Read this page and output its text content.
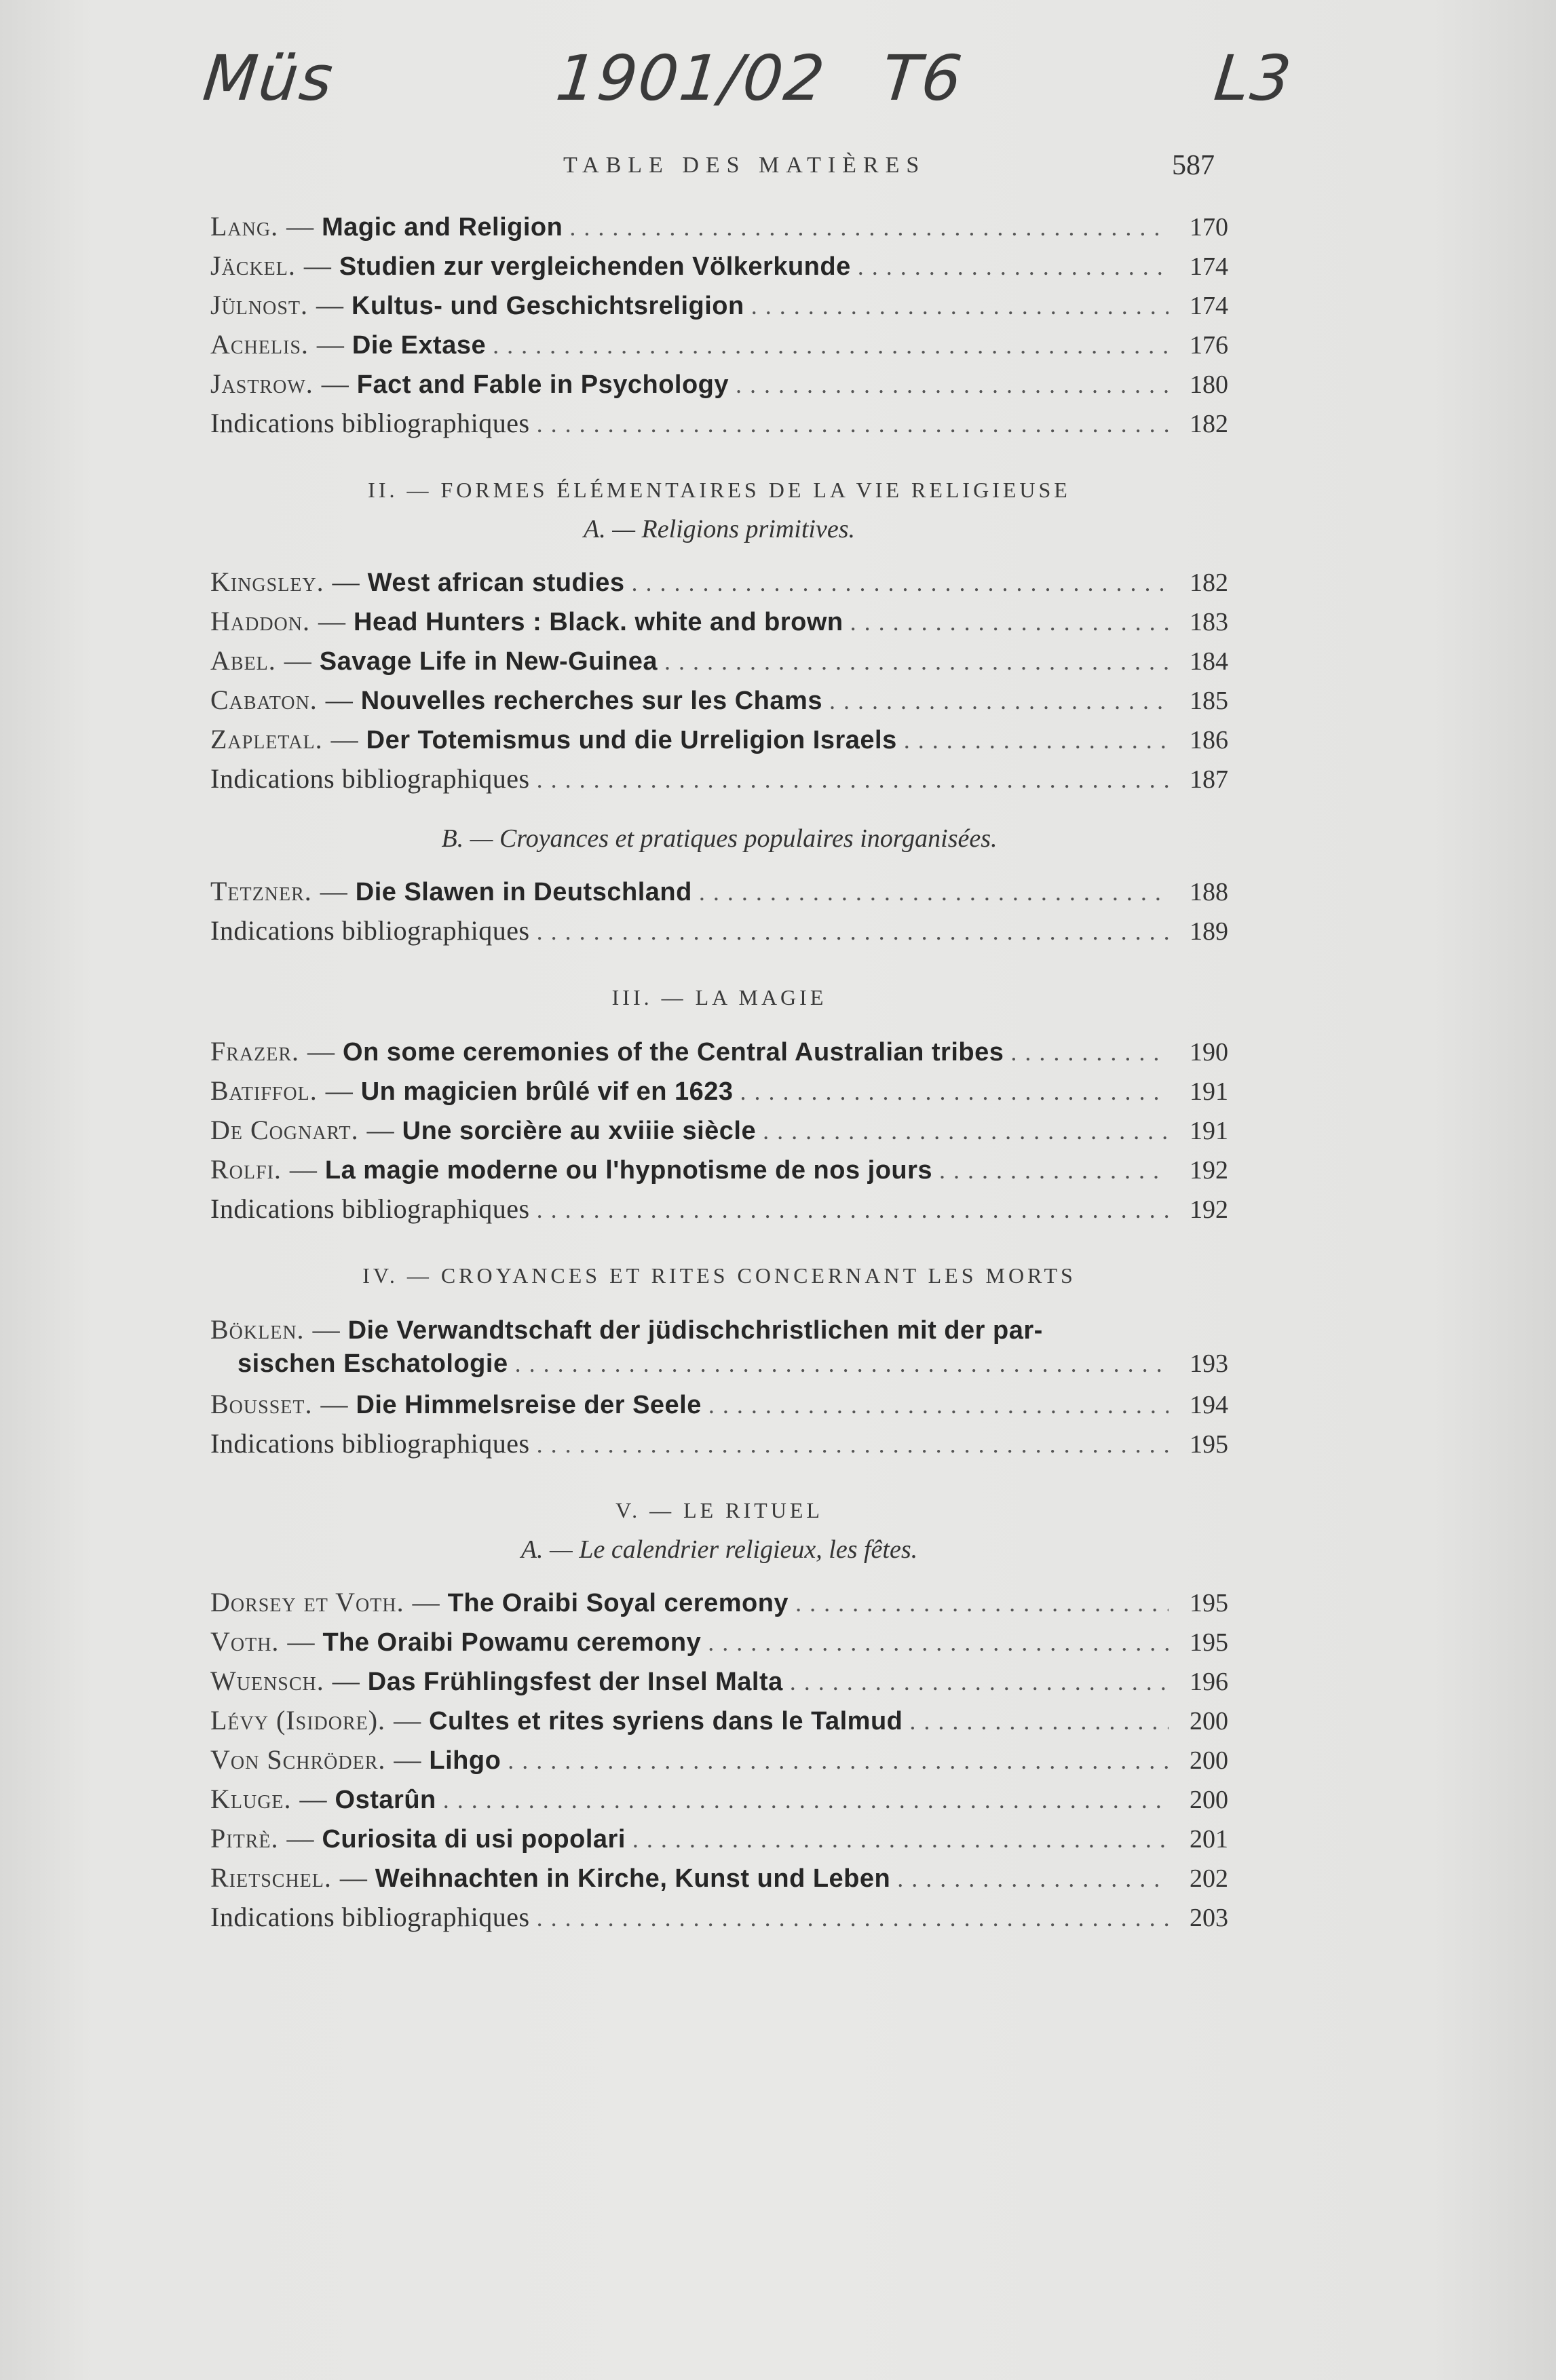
Müs	1901/02 T6	L3
TABLE DES MATIÈRES	587
Lang. — Magic and Religion .....	170
Jäckel. — Studien zur vergleichenden Völkerkunde .....	174
Jülnost. — Kultus- und Geschichtsreligion .....	174
Achelis. — Die Extase .....	176
Jastrow. — Fact and Fable in Psychology .....	180
Indications bibliographiques .....	182
II. — FORMES ÉLÉMENTAIRES DE LA VIE RELIGIEUSE
A. — Religions primitives.
Kingsley. — West african studies .....	182
Haddon. — Head Hunters : Black. white and brown .....	183
Abel. — Savage Life in New-Guinea .....	184
Cabaton. — Nouvelles recherches sur les Chams .....	185
Zapletal. — Der Totemismus und die Urreligion Israels .....	186
Indications bibliographiques .....	187
B. — Croyances et pratiques populaires inorganisées.
Tetzner. — Die Slawen in Deutschland .....	188
Indications bibliographiques .....	189
III. — LA MAGIE
Frazer. — On some ceremonies of the Central Australian tribes .....	190
Batiffol. — Un magicien brûlé vif en 1623 .....	191
De Cognart. — Une sorcière au xviiie siècle .....	191
Rolfi. — La magie moderne ou l'hypnotisme de nos jours .....	192
Indications bibliographiques .....	192
IV. — CROYANCES ET RITES CONCERNANT LES MORTS
Böklen. — Die Verwandtschaft der jüdischchristlichen mit der par-
sischen Eschatologie .....	193
Bousset. — Die Himmelsreise der Seele .....	194
Indications bibliographiques .....	195
V. — LE RITUEL
A. — Le calendrier religieux, les fêtes.
Dorsey et Voth. — The Oraibi Soyal ceremony .....	195
Voth. — The Oraibi Powamu ceremony .....	195
Wuensch. — Das Frühlingsfest der Insel Malta .....	196
Lévy (Isidore). — Cultes et rites syriens dans le Talmud .....	200
Von Schröder. — Lihgo .....	200
Kluge. — Ostarûn .....	200
Pitrè. — Curiosita di usi popolari .....	201
Rietschel. — Weihnachten in Kirche, Kunst und Leben .....	202
Indications bibliographiques .....	203
